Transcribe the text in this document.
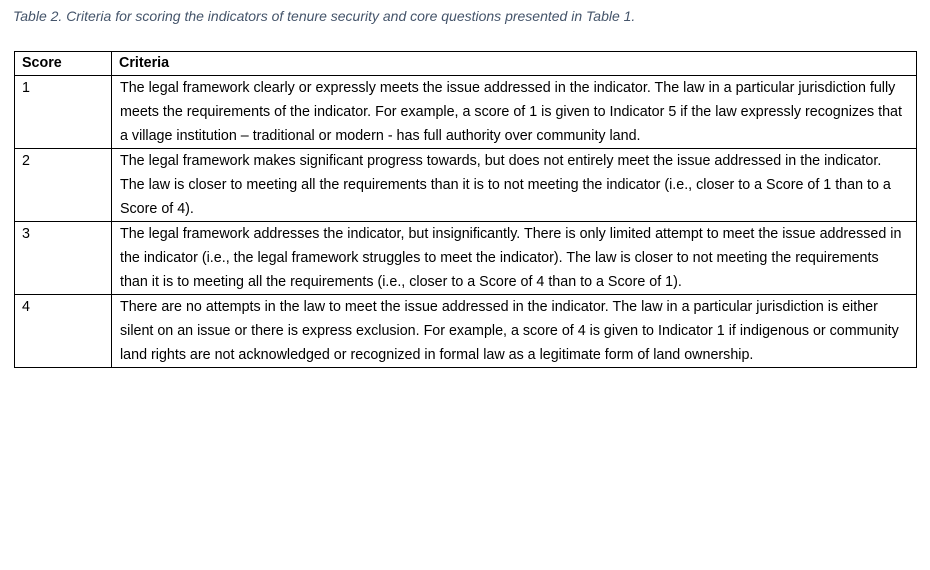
Table 2. Criteria for scoring the indicators of tenure security and core questions presented in Table 1.
Score	Criteria
1	The legal framework clearly or expressly meets the issue addressed in the indicator. The law in a particular jurisdiction fully meets the requirements of the indicator. For example, a score of 1 is given to Indicator 5 if the law expressly recognizes that a village institution – traditional or modern - has full authority over community land.
2	The legal framework makes significant progress towards, but does not entirely meet the issue addressed in the indicator. The law is closer to meeting all the requirements than it is to not meeting the indicator (i.e., closer to a Score of 1 than to a Score of 4).
3	The legal framework addresses the indicator, but insignificantly. There is only limited attempt to meet the issue addressed in the indicator (i.e., the legal framework struggles to meet the indicator). The law is closer to not meeting the requirements than it is to meeting all the requirements (i.e., closer to a Score of 4 than to a Score of 1).
4	There are no attempts in the law to meet the issue addressed in the indicator. The law in a particular jurisdiction is either silent on an issue or there is express exclusion. For example, a score of 4 is given to Indicator 1 if indigenous or community land rights are not acknowledged or recognized in formal law as a legitimate form of land ownership.
